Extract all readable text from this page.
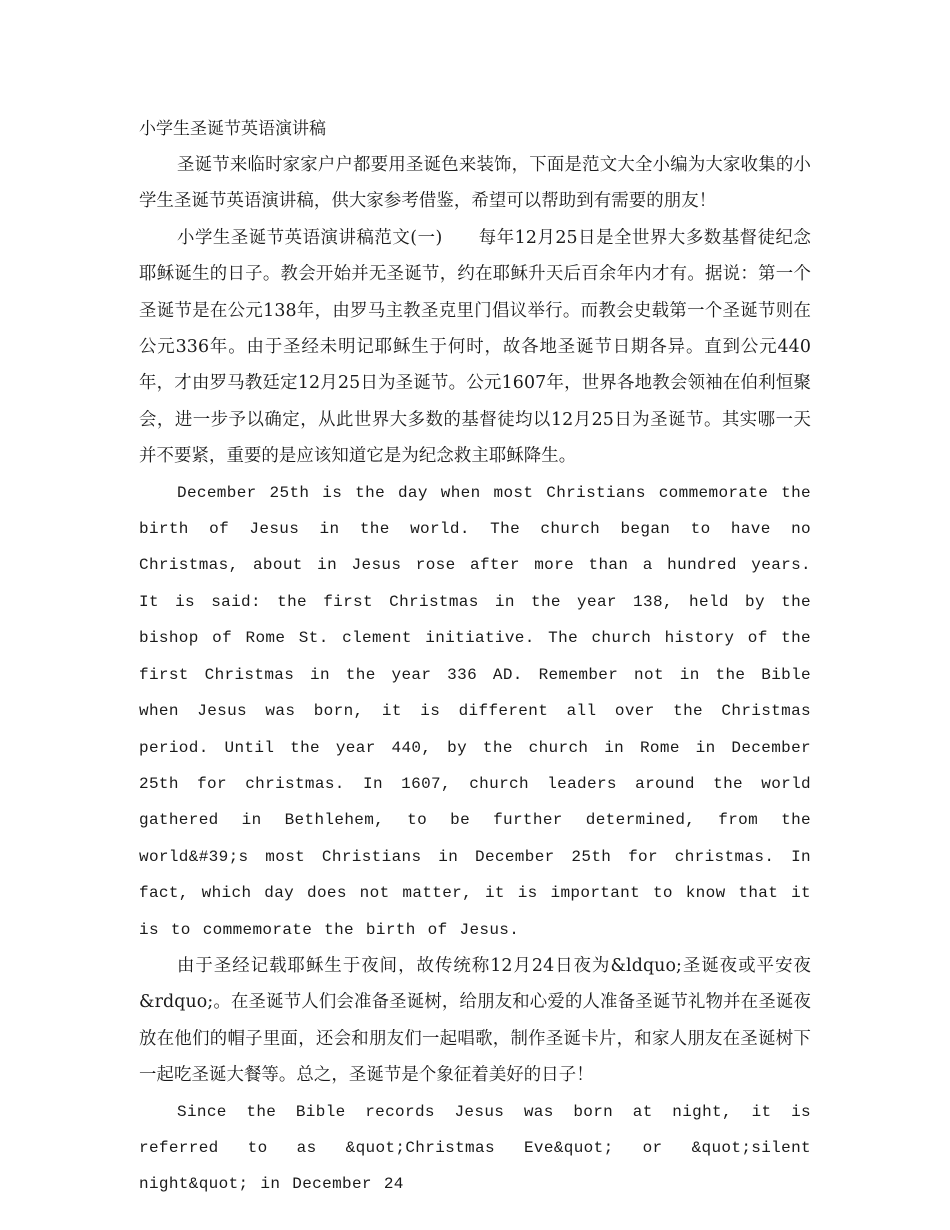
小学生圣诞节英语演讲稿

圣诞节来临时家家户户都要用圣诞色来装饰，下面是范文大全小编为大家收集的小学生圣诞节英语演讲稿，供大家参考借鉴，希望可以帮助到有需要的朋友！

小学生圣诞节英语演讲稿范文(一)　　每年12月25日是全世界大多数基督徒纪念耶稣诞生的日子。教会开始并无圣诞节，约在耶稣升天后百余年内才有。据说：第一个圣诞节是在公元138年，由罗马主教圣克里门倡议举行。而教会史载第一个圣诞节则在公元336年。由于圣经未明记耶稣生于何时，故各地圣诞节日期各异。直到公元440年，才由罗马教廷定12月25日为圣诞节。公元1607年，世界各地教会领袖在伯利恒聚会，进一步予以确定，从此世界大多数的基督徒均以12月25日为圣诞节。其实哪一天并不要紧，重要的是应该知道它是为纪念救主耶稣降生。

December 25th is the day when most Christians commemorate the birth of Jesus in the world. The church began to have no Christmas, about in Jesus rose after more than a hundred years. It is said: the first Christmas in the year 138, held by the bishop of Rome St. clement initiative. The church history of the first Christmas in the year 336 AD. Remember not in the Bible when Jesus was born, it is different all over the Christmas period. Until the year 440, by the church in Rome in December 25th for christmas. In 1607, church leaders around the world gathered in Bethlehem, to be further determined, from the world&#39;s most Christians in December 25th for christmas. In fact, which day does not matter, it is important to know that it is to commemorate the birth of Jesus.

由于圣经记载耶稣生于夜间，故传统称12月24日夜为&ldquo;圣诞夜或平安夜&rdquo;。在圣诞节人们会准备圣诞树，给朋友和心爱的人准备圣诞节礼物并在圣诞夜放在他们的帽子里面，还会和朋友们一起唱歌，制作圣诞卡片，和家人朋友在圣诞树下一起吃圣诞大餐等。总之，圣诞节是个象征着美好的日子！

Since the Bible records Jesus was born at night, it is referred to as &quot;Christmas Eve&quot; or &quot;silent night&quot; in December 24
